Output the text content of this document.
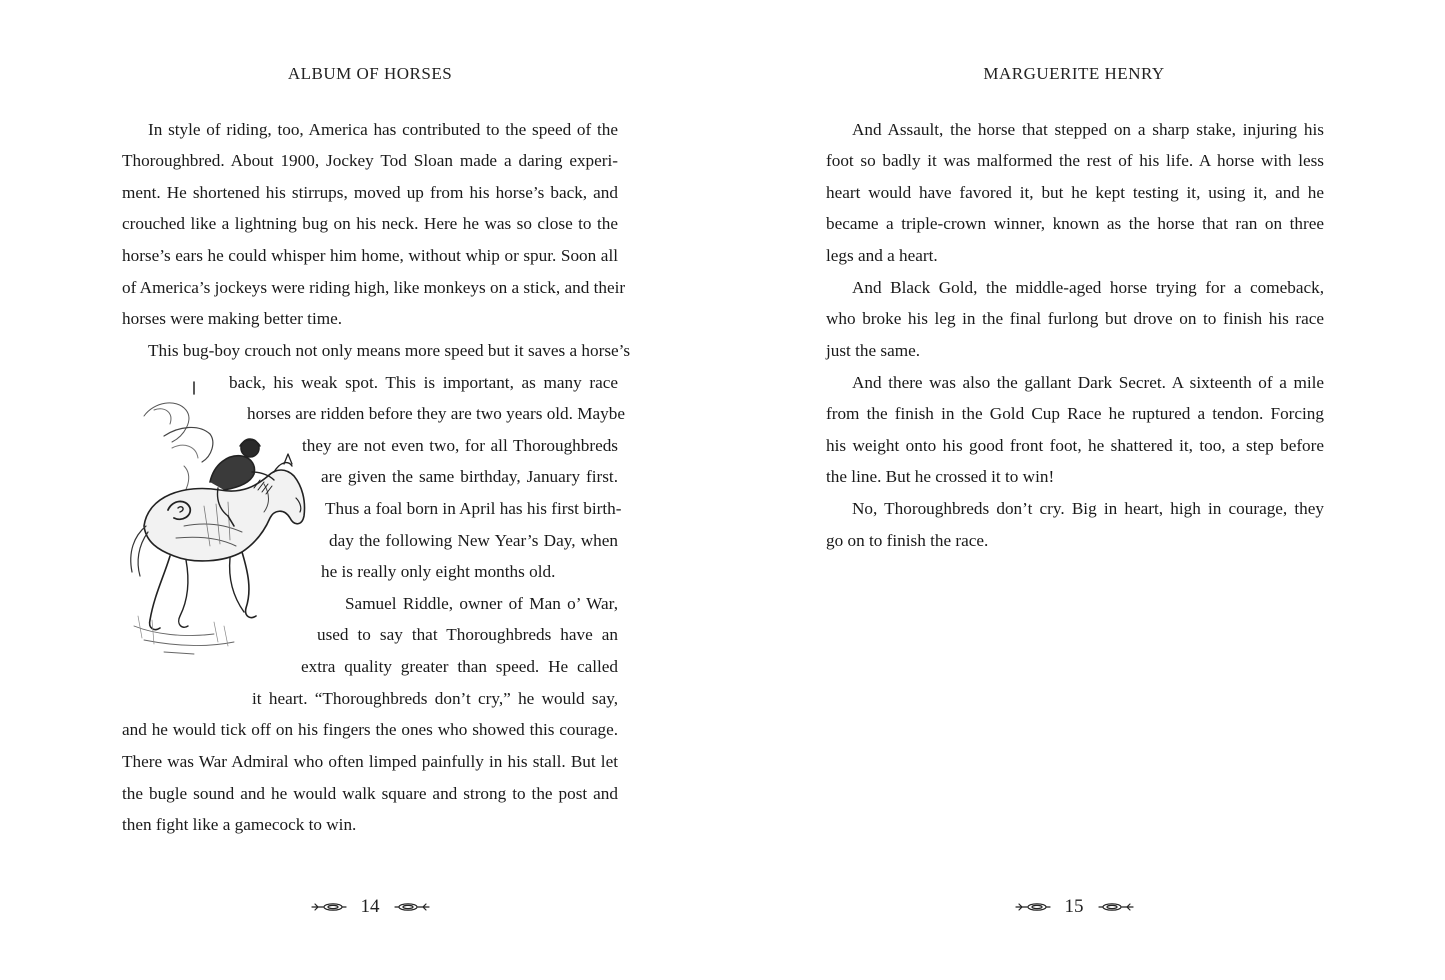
ALBUM OF HORSES
In style of riding, too, America has contributed to the speed of the
Thoroughbred. About 1900, Jockey Tod Sloan made a daring experi-
ment. He shortened his stirrups, moved up from his horse’s back, and
crouched like a lightning bug on his neck. Here he was so close to the
horse’s ears he could whisper him home, without whip or spur. Soon all
of America’s jockeys were riding high, like monkeys on a stick, and their
horses were making better time.
This bug-boy crouch not only means more speed but it saves a horse’s
back, his weak spot. This is important, as many race
horses are ridden before they are two years old. Maybe
they are not even two, for all Thoroughbreds
are given the same birthday, January first.
Thus a foal born in April has his first birth-
day the following New Year’s Day, when
he is really only eight months old.
Samuel Riddle, owner of Man o’ War,
used to say that Thoroughbreds have an
extra quality greater than speed. He called
it heart. “Thoroughbreds don’t cry,” he would say,
and he would tick off on his fingers the ones who showed this courage.
There was War Admiral who often limped painfully in his stall. But let
the bugle sound and he would walk square and strong to the post and
then fight like a gamecock to win.
14
MARGUERITE HENRY
And Assault, the horse that stepped on a sharp stake, injuring his
foot so badly it was malformed the rest of his life. A horse with less
heart would have favored it, but he kept testing it, using it, and he
became a triple-crown winner, known as the horse that ran on three
legs and a heart.
And Black Gold, the middle-aged horse trying for a comeback,
who broke his leg in the final furlong but drove on to finish his race
just the same.
And there was also the gallant Dark Secret. A sixteenth of a mile
from the finish in the Gold Cup Race he ruptured a tendon. Forcing
his weight onto his good front foot, he shattered it, too, a step before
the line. But he crossed it to win!
No, Thoroughbreds don’t cry. Big in heart, high in courage, they
go on to finish the race.
15
